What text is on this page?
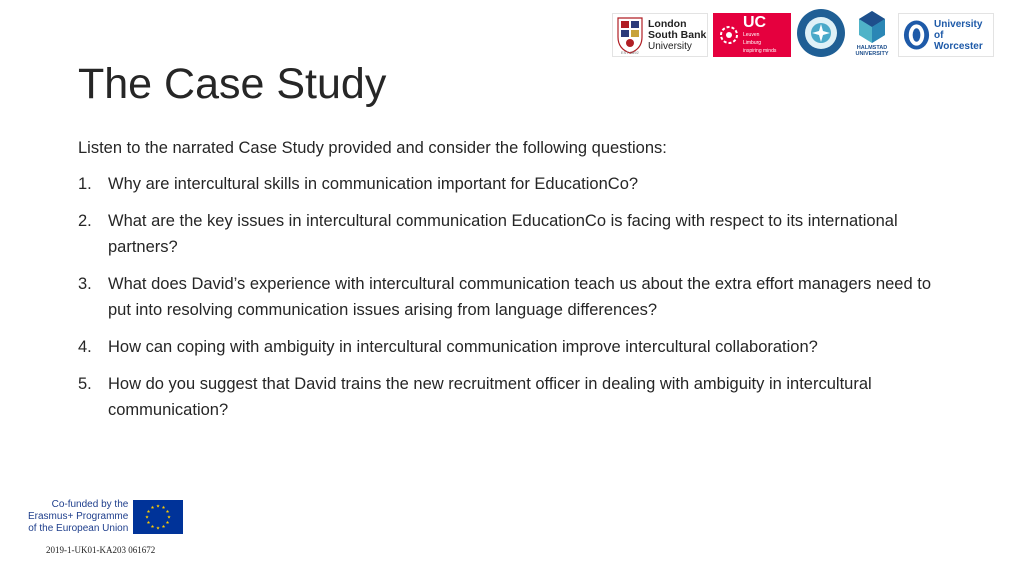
London
South Bank
University
EST 1892
UC
Leuven
Limburg
inspiring minds	HALMSTAD
UNIVERSITY
University
of Worcester
The Case Study

Listen to the narrated Case Study provided and consider the following questions:

1. Why are intercultural skills in communication important for EducationCo?
2. What are the key issues in intercultural communication EducationCo is facing with respect to its international partners?
3. What does David’s experience with intercultural communication teach us about the extra effort managers need to put into resolving communication issues arising from language differences?
4. How can coping with ambiguity in intercultural communication improve intercultural collaboration?
5. How do you suggest that David trains the new recruitment officer in dealing with ambiguity in intercultural communication?
Co-funded by the
Erasmus+ Programme
of the European Union
2019-1-UK01-KA203 061672
